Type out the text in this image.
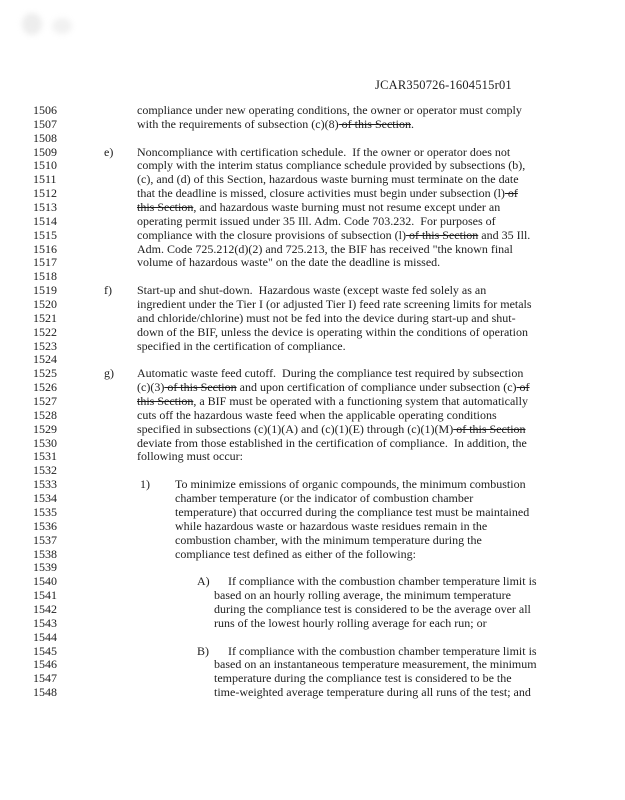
JCAR350726-1604515r01
1506	compliance under new operating conditions, the owner or operator must comply
1507	with the requirements of subsection (c)(8) of this Section.
1508
1509	e) Noncompliance with certification schedule.  If the owner or operator does not
1510	comply with the interim status compliance schedule provided by subsections (b),
1511	(c), and (d) of this Section, hazardous waste burning must terminate on the date
1512	that the deadline is missed, closure activities must begin under subsection (l) of
1513	this Section, and hazardous waste burning must not resume except under an
1514	operating permit issued under 35 Ill. Adm. Code 703.232.  For purposes of
1515	compliance with the closure provisions of subsection (l) of this Section and 35 Ill.
1516	Adm. Code 725.212(d)(2) and 725.213, the BIF has received "the known final
1517	volume of hazardous waste" on the date the deadline is missed.
1518
1519	f) Start-up and shut-down.  Hazardous waste (except waste fed solely as an
1520	ingredient under the Tier I (or adjusted Tier I) feed rate screening limits for metals
1521	and chloride/chlorine) must not be fed into the device during start-up and shut-
1522	down of the BIF, unless the device is operating within the conditions of operation
1523	specified in the certification of compliance.
1524
1525	g) Automatic waste feed cutoff.  During the compliance test required by subsection
1526	(c)(3) of this Section and upon certification of compliance under subsection (c) of
1527	this Section, a BIF must be operated with a functioning system that automatically
1528	cuts off the hazardous waste feed when the applicable operating conditions
1529	specified in subsections (c)(1)(A) and (c)(1)(E) through (c)(1)(M) of this Section
1530	deviate from those established in the certification of compliance.  In addition, the
1531	following must occur:
1532
1533	1) To minimize emissions of organic compounds, the minimum combustion
1534	chamber temperature (or the indicator of combustion chamber
1535	temperature) that occurred during the compliance test must be maintained
1536	while hazardous waste or hazardous waste residues remain in the
1537	combustion chamber, with the minimum temperature during the
1538	compliance test defined as either of the following:
1539
1540	A) If compliance with the combustion chamber temperature limit is
1541	based on an hourly rolling average, the minimum temperature
1542	during the compliance test is considered to be the average over all
1543	runs of the lowest hourly rolling average for each run; or
1544
1545	B) If compliance with the combustion chamber temperature limit is
1546	based on an instantaneous temperature measurement, the minimum
1547	temperature during the compliance test is considered to be the
1548	time-weighted average temperature during all runs of the test; and
